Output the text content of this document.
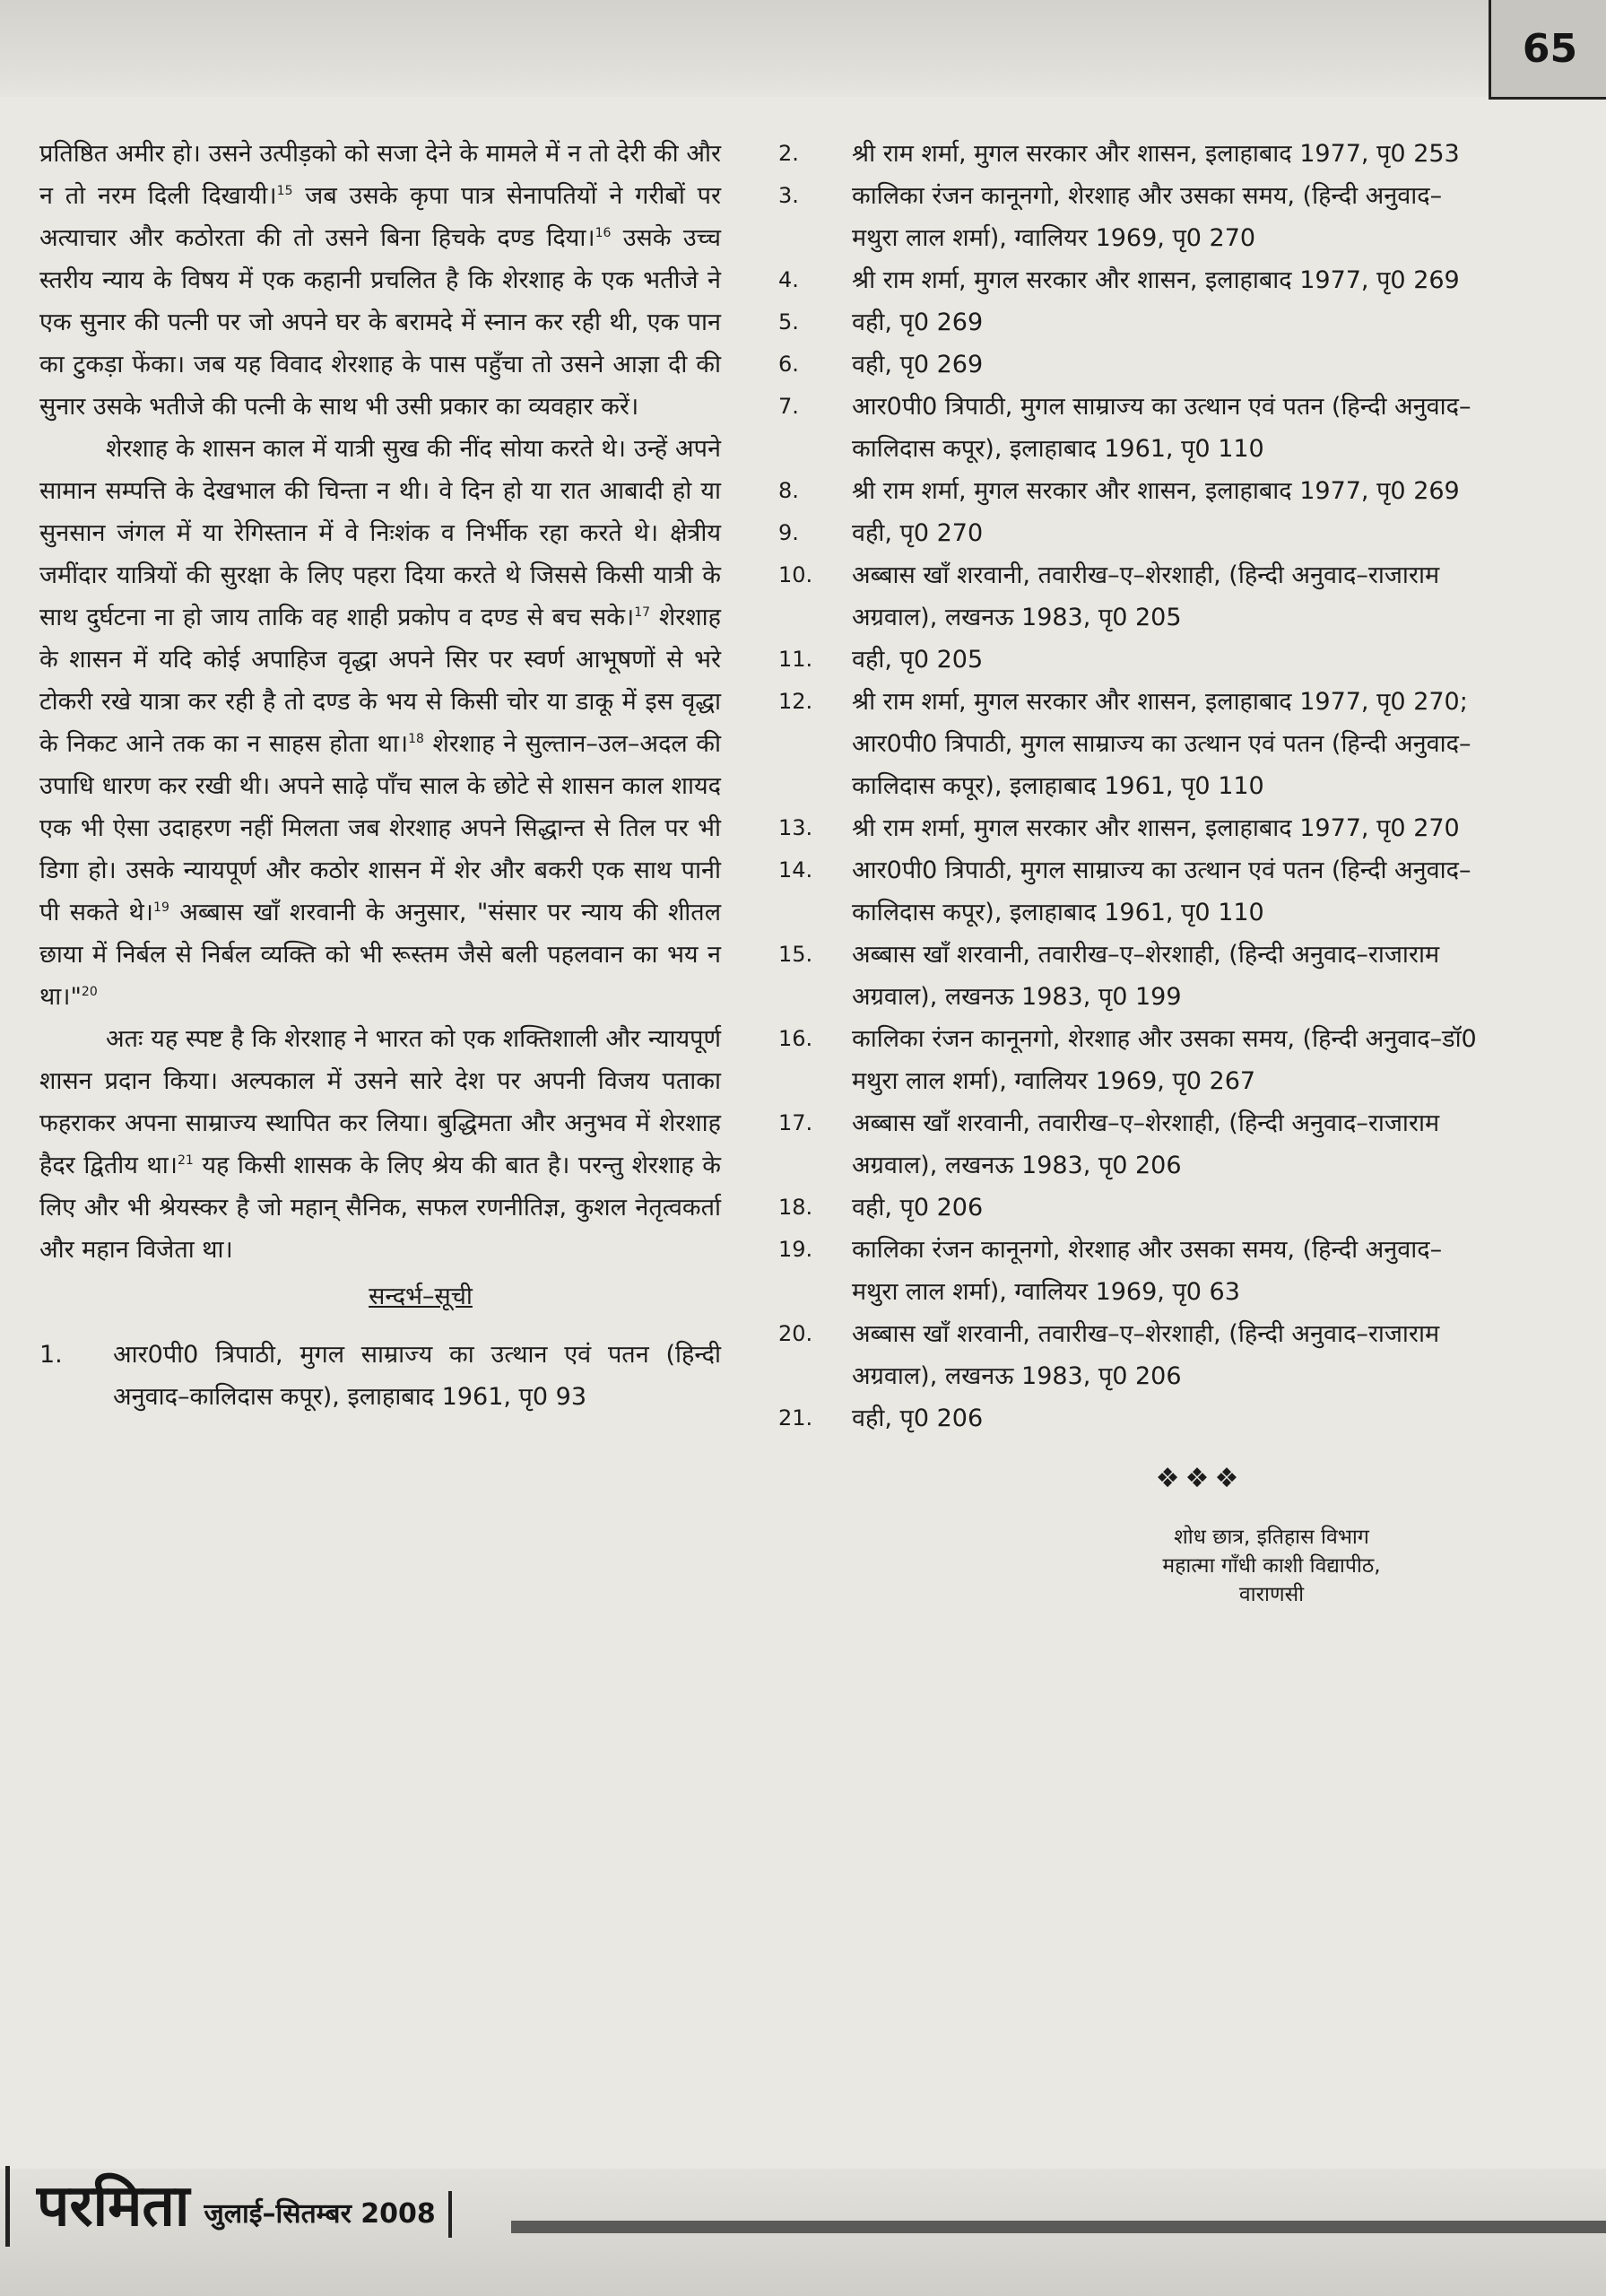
65

प्रतिष्ठित अमीर हो। उसने उत्पीड़को को सजा देने के मामले में न तो देरी की और न तो नरम दिली दिखायी।$^{15}$ जब उसके कृपा पात्र सेनापतियों ने गरीबों पर अत्याचार और कठोरता की तो उसने बिना हिचके दण्ड दिया।$^{16}$ उसके उच्च स्तरीय न्याय के विषय में एक कहानी प्रचलित है कि शेरशाह के एक भतीजे ने एक सुनार की पत्नी पर जो अपने घर के बरामदे में स्नान कर रही थी, एक पान का टुकड़ा फेंका। जब यह विवाद शेरशाह के पास पहुँचा तो उसने आज्ञा दी की सुनार उसके भतीजे की पत्नी के साथ भी उसी प्रकार का व्यवहार करें।

शेरशाह के शासन काल में यात्री सुख की नींद सोया करते थे। उन्हें अपने सामान सम्पत्ति के देखभाल की चिन्ता न थी। वे दिन हो या रात आबादी हो या सुनसान जंगल में या रेगिस्तान में वे निःशंक व निर्भीक रहा करते थे। क्षेत्रीय जमींदार यात्रियों की सुरक्षा के लिए पहरा दिया करते थे जिससे किसी यात्री के साथ दुर्घटना ना हो जाय ताकि वह शाही प्रकोप व दण्ड से बच सके।$^{17}$ शेरशाह के शासन में यदि कोई अपाहिज वृद्धा अपने सिर पर स्वर्ण आभूषणों से भरे टोकरी रखे यात्रा कर रही है तो दण्ड के भय से किसी चोर या डाकू में इस वृद्धा के निकट आने तक का न साहस होता था।$^{18}$ शेरशाह ने सुल्तान–उल–अदल की उपाधि धारण कर रखी थी। अपने साढ़े पाँच साल के छोटे से शासन काल शायद एक भी ऐसा उदाहरण नहीं मिलता जब शेरशाह अपने सिद्धान्त से तिल पर भी डिगा हो। उसके न्यायपूर्ण और कठोर शासन में शेर और बकरी एक साथ पानी पी सकते थे।$^{19}$ अब्बास खाँ शरवानी के अनुसार, "संसार पर न्याय की शीतल छाया में निर्बल से निर्बल व्यक्ति को भी रूस्तम जैसे बली पहलवान का भय न था।"$^{20}$

अतः यह स्पष्ट है कि शेरशाह ने भारत को एक शक्तिशाली और न्यायपूर्ण शासन प्रदान किया। अल्पकाल में उसने सारे देश पर अपनी विजय पताका फहराकर अपना साम्राज्य स्थापित कर लिया। बुद्धिमता और अनुभव में शेरशाह हैदर द्वितीय था।$^{21}$ यह किसी शासक के लिए श्रेय की बात है। परन्तु शेरशाह के लिए और भी श्रेयस्कर है जो महान् सैनिक, सफल रणनीतिज्ञ, कुशल नेतृत्वकर्ता और महान विजेता था।

सन्दर्भ–सूची
1. आर0पी0 त्रिपाठी, मुगल साम्राज्य का उत्थान एवं पतन (हिन्दी अनुवाद–कालिदास कपूर), इलाहाबाद 1961, पृ0 93
2. श्री राम शर्मा, मुगल सरकार और शासन, इलाहाबाद 1977, पृ0 253
3. कालिका रंजन कानूनगो, शेरशाह और उसका समय, (हिन्दी अनुवाद– मथुरा लाल शर्मा), ग्वालियर 1969, पृ0 270
4. श्री राम शर्मा, मुगल सरकार और शासन, इलाहाबाद 1977, पृ0 269
5. वही, पृ0 269
6. वही, पृ0 269
7. आर0पी0 त्रिपाठी, मुगल साम्राज्य का उत्थान एवं पतन (हिन्दी अनुवाद–कालिदास कपूर), इलाहाबाद 1961, पृ0 110
8. श्री राम शर्मा, मुगल सरकार और शासन, इलाहाबाद 1977, पृ0 269
9. वही, पृ0 270
10. अब्बास खाँ शरवानी, तवारीख–ए–शेरशाही, (हिन्दी अनुवाद–राजाराम अग्रवाल), लखनऊ 1983, पृ0 205
11. वही, पृ0 205
12. श्री राम शर्मा, मुगल सरकार और शासन, इलाहाबाद 1977, पृ0 270; आर0पी0 त्रिपाठी, मुगल साम्राज्य का उत्थान एवं पतन (हिन्दी अनुवाद–कालिदास कपूर), इलाहाबाद 1961, पृ0 110
13. श्री राम शर्मा, मुगल सरकार और शासन, इलाहाबाद 1977, पृ0 270
14. आर0पी0 त्रिपाठी, मुगल साम्राज्य का उत्थान एवं पतन (हिन्दी अनुवाद–कालिदास कपूर), इलाहाबाद 1961, पृ0 110
15. अब्बास खाँ शरवानी, तवारीख–ए–शेरशाही, (हिन्दी अनुवाद–राजाराम अग्रवाल), लखनऊ 1983, पृ0 199
16. कालिका रंजन कानूनगो, शेरशाह और उसका समय, (हिन्दी अनुवाद–डॉ0 मथुरा लाल शर्मा), ग्वालियर 1969, पृ0 267
17. अब्बास खाँ शरवानी, तवारीख–ए–शेरशाही, (हिन्दी अनुवाद–राजाराम अग्रवाल), लखनऊ 1983, पृ0 206
18. वही, पृ0 206
19. कालिका रंजन कानूनगो, शेरशाह और उसका समय, (हिन्दी अनुवाद– मथुरा लाल शर्मा), ग्वालियर 1969, पृ0 63
20. अब्बास खाँ शरवानी, तवारीख–ए–शेरशाही, (हिन्दी अनुवाद–राजाराम अग्रवाल), लखनऊ 1983, पृ0 206
21. वही, पृ0 206
❖❖❖
शोध छात्र, इतिहास विभाग
महात्मा गाँधी काशी विद्यापीठ,
वाराणसी
परमिता जुलाई–सितम्बर 2008
